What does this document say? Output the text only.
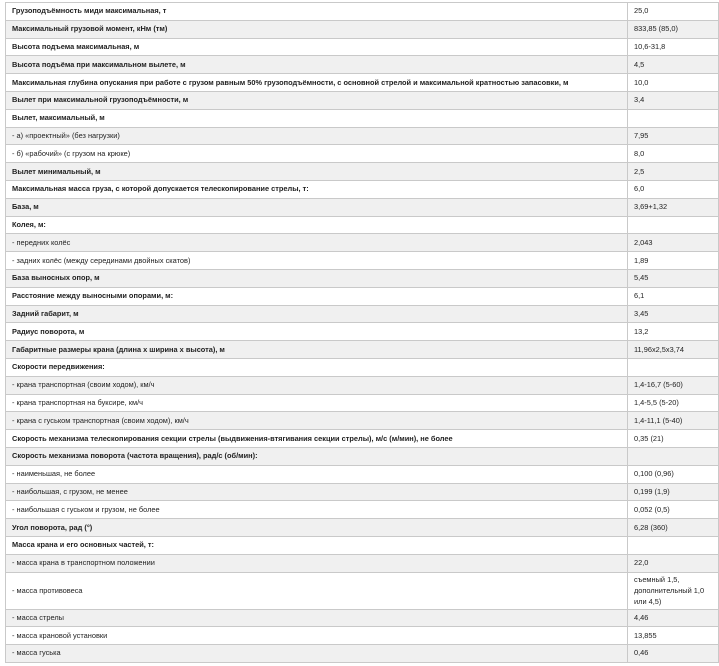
Грузоподъёмность миди максимальная, т	25,0
Максимальный грузовой момент, кНм (тм)	833,85 (85,0)
Высота подъема максимальная, м	10,6-31,8
Высота подъёма при максимальном вылете, м	4,5
Максимальная глубина опускания при работе с грузом равным 50% грузоподъёмности, с основной стрелой и максимальной кратностью запасовки, м	10,0
Вылет при максимальной грузоподъёмности, м	3,4
Вылет, максимальный, м	
- а) «проектный» (без нагрузки)	7,95
- б) «рабочий» (с грузом на крюке)	8,0
Вылет минимальный, м	2,5
Максимальная масса груза, с которой допускается телескопирование стрелы, т:	6,0
База, м	3,69+1,32
Колея, м:	
- передних колёс	2,043
- задних колёс (между серединами двойных скатов)	1,89
База выносных опор, м	5,45
Расстояние между выносными опорами, м:	6,1
Задний габарит, м	3,45
Радиус поворота, м	13,2
Габаритные размеры крана (длина х ширина х высота), м	11,96х2,5х3,74
Скорости передвижения:	
- крана транспортная (своим ходом), км/ч	1,4-16,7 (5-60)
- крана транспортная на буксире, км/ч	1,4-5,5 (5-20)
- крана с гуськом транспортная (своим ходом), км/ч	1,4-11,1 (5-40)
Скорость механизма телескопирования секции стрелы (выдвижения-втягивания секции стрелы), м/с (м/мин), не более	0,35 (21)
Скорость механизма поворота (частота вращения), рад/с (об/мин):	
- наименьшая, не более	0,100 (0,96)
- наибольшая, с грузом, не менее	0,199 (1,9)
- наибольшая с гуськом и грузом, не более	0,052 (0,5)
Угол поворота, рад (°)	6,28 (360)
Масса крана и его основных частей, т:	
- масса крана в транспортном положении	22,0
- масса противовеса	съемный 1,5, дополнительный 1,0 или 4,5)
- масса стрелы	4,46
- масса крановой установки	13,855
- масса гуська	0,46
